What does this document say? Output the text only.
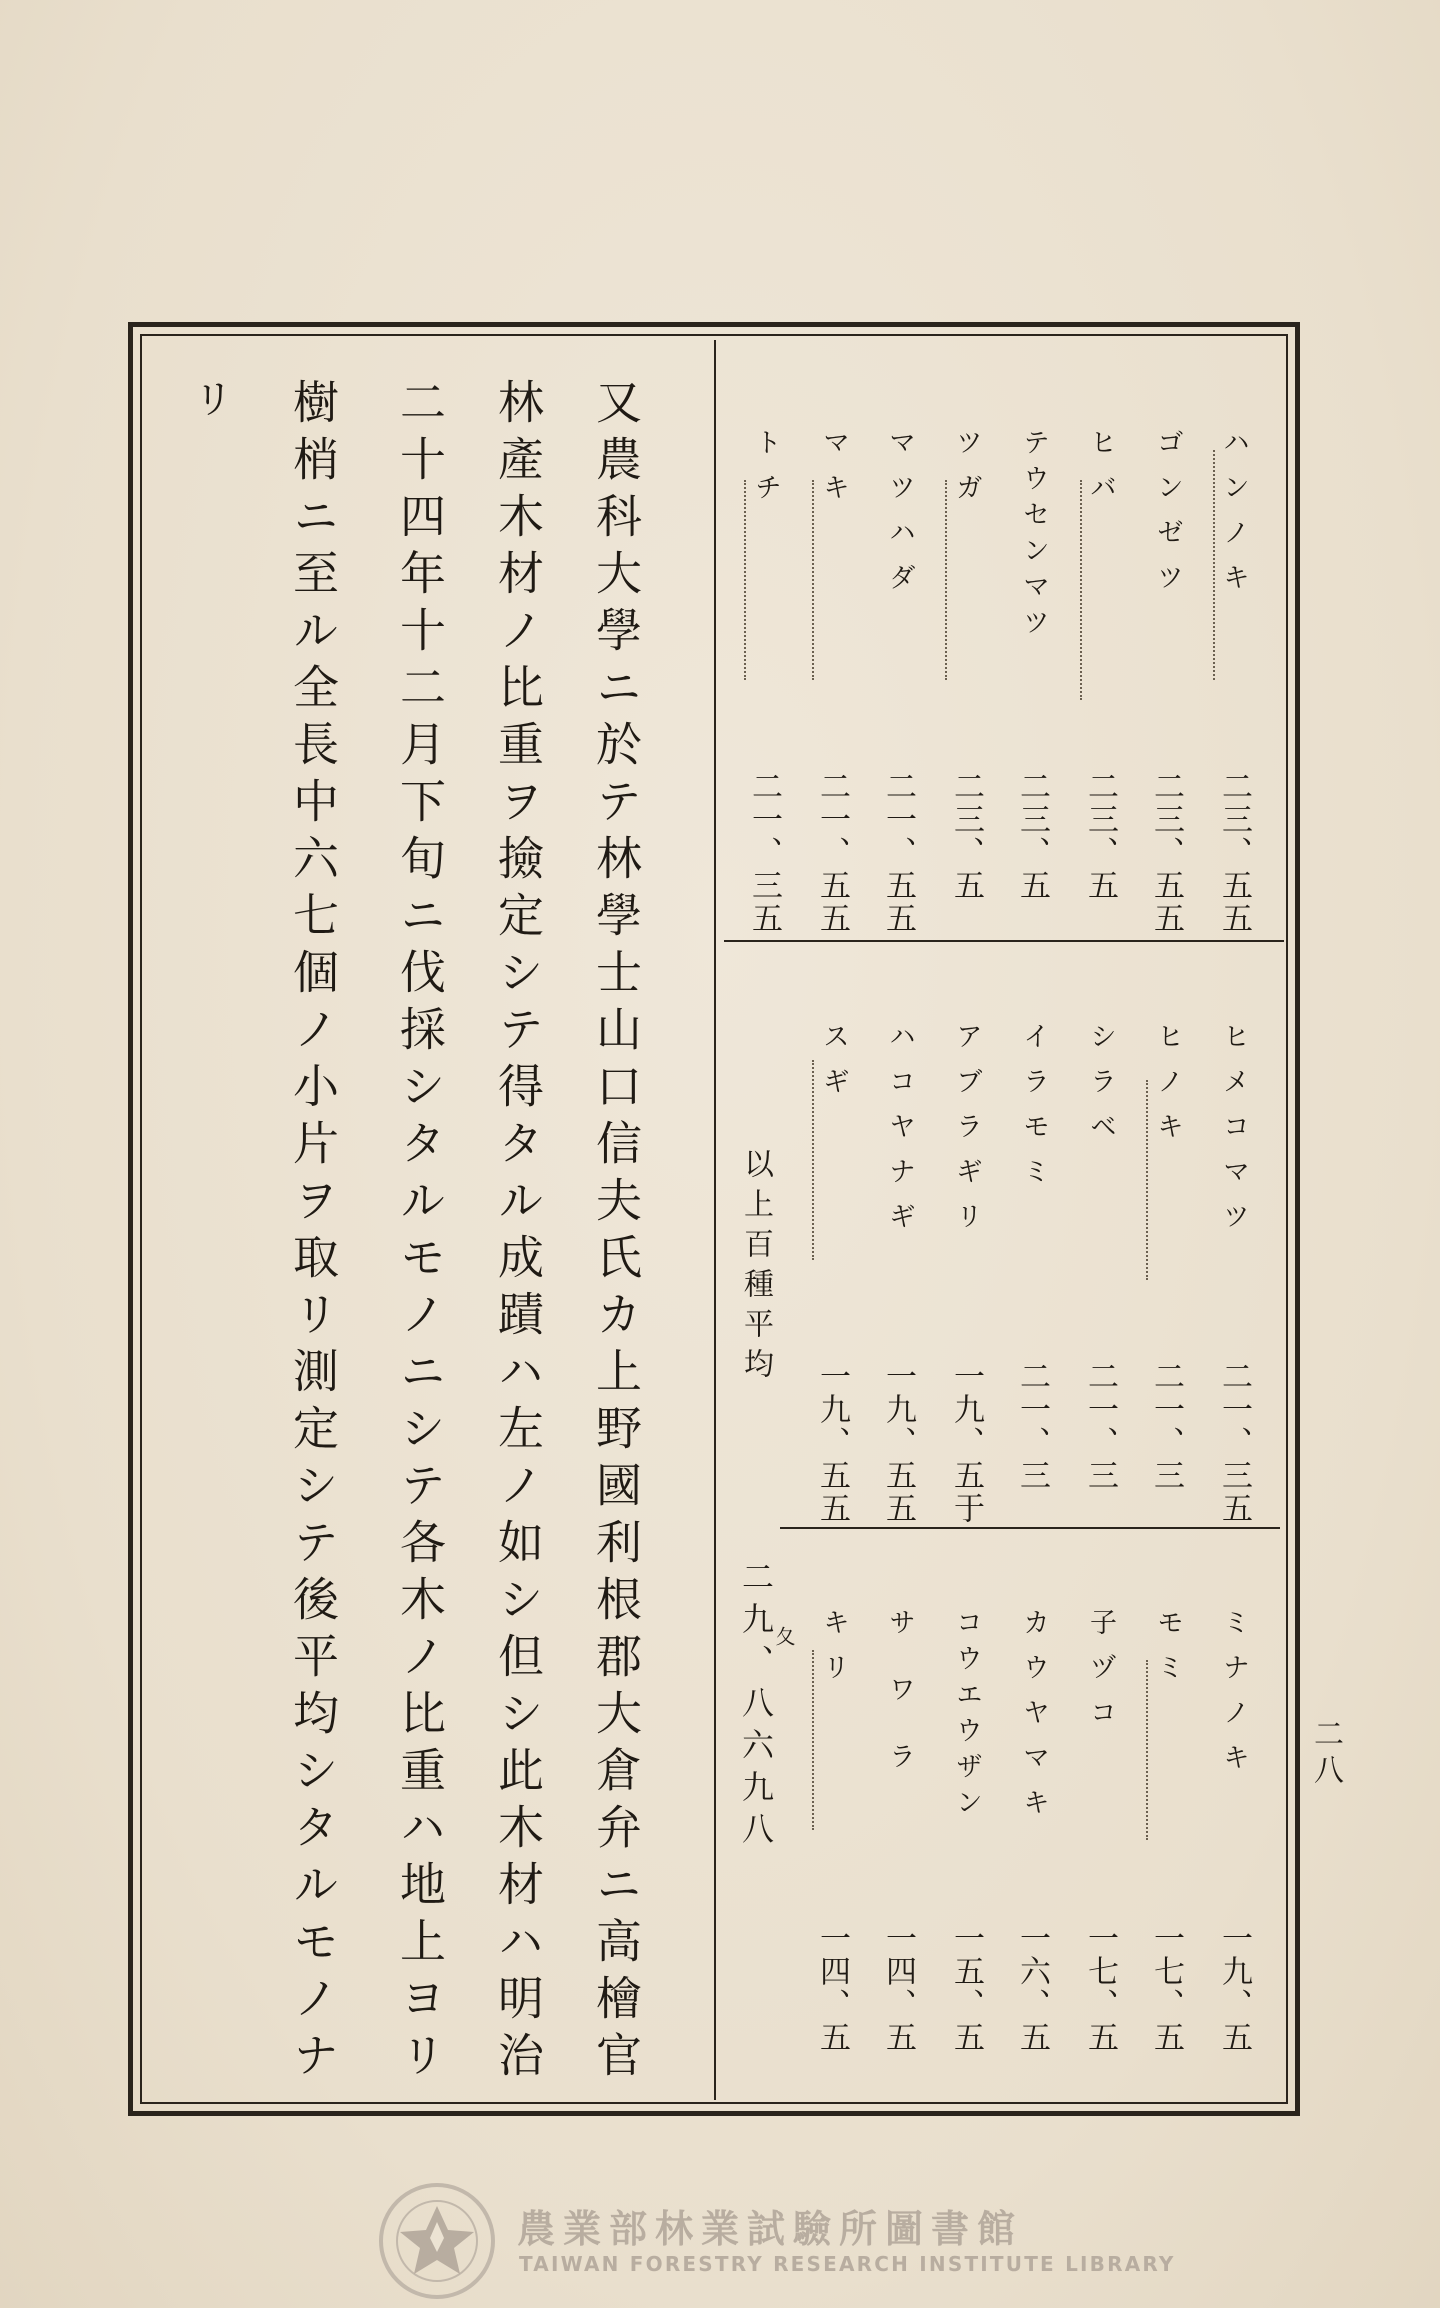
又農科大學ニ於テ林學士山口信夫氏カ上野國利根郡大倉弁ニ高檜官
林產木材ノ比重ヲ撿定シテ得タル成蹟ハ左ノ如シ但シ此木材ハ明治
二十四年十二月下旬ニ伐採シタルモノニシテ各木ノ比重ハ地上ヨリ
樹梢ニ至ル全長中六七個ノ小片ヲ取リ測定シテ後平均シタルモノナ
リ
ハンノキ
二三、五五
ゴンゼツ
二三、五五
ヒバ
二三、五
テウセンマツ
二三、五
ツガ
二三、五
マツハダ
二一、五五
マキ
二一、五五
トチ
二一、三五
ヒメコマツ
二一、三五
ヒノキ
二一、三
シラベ
二一、三
イラモミ
二一、三
アブラギリ
一九、五于
ハコヤナギ
一九、五五
スギ
一九、五五
以上百種平均
二九、八六九八
夂	ミナノキ
一九、五
モミ
一七、五
子ヅコ
一七、五
カウヤマキ
一六、五
コウエウザン
一五、五
サワラ
一四、五
キリ
一四、五
二八
農業部林業試驗所圖書館
TAIWAN FORESTRY RESEARCH INSTITUTE LIBRARY
